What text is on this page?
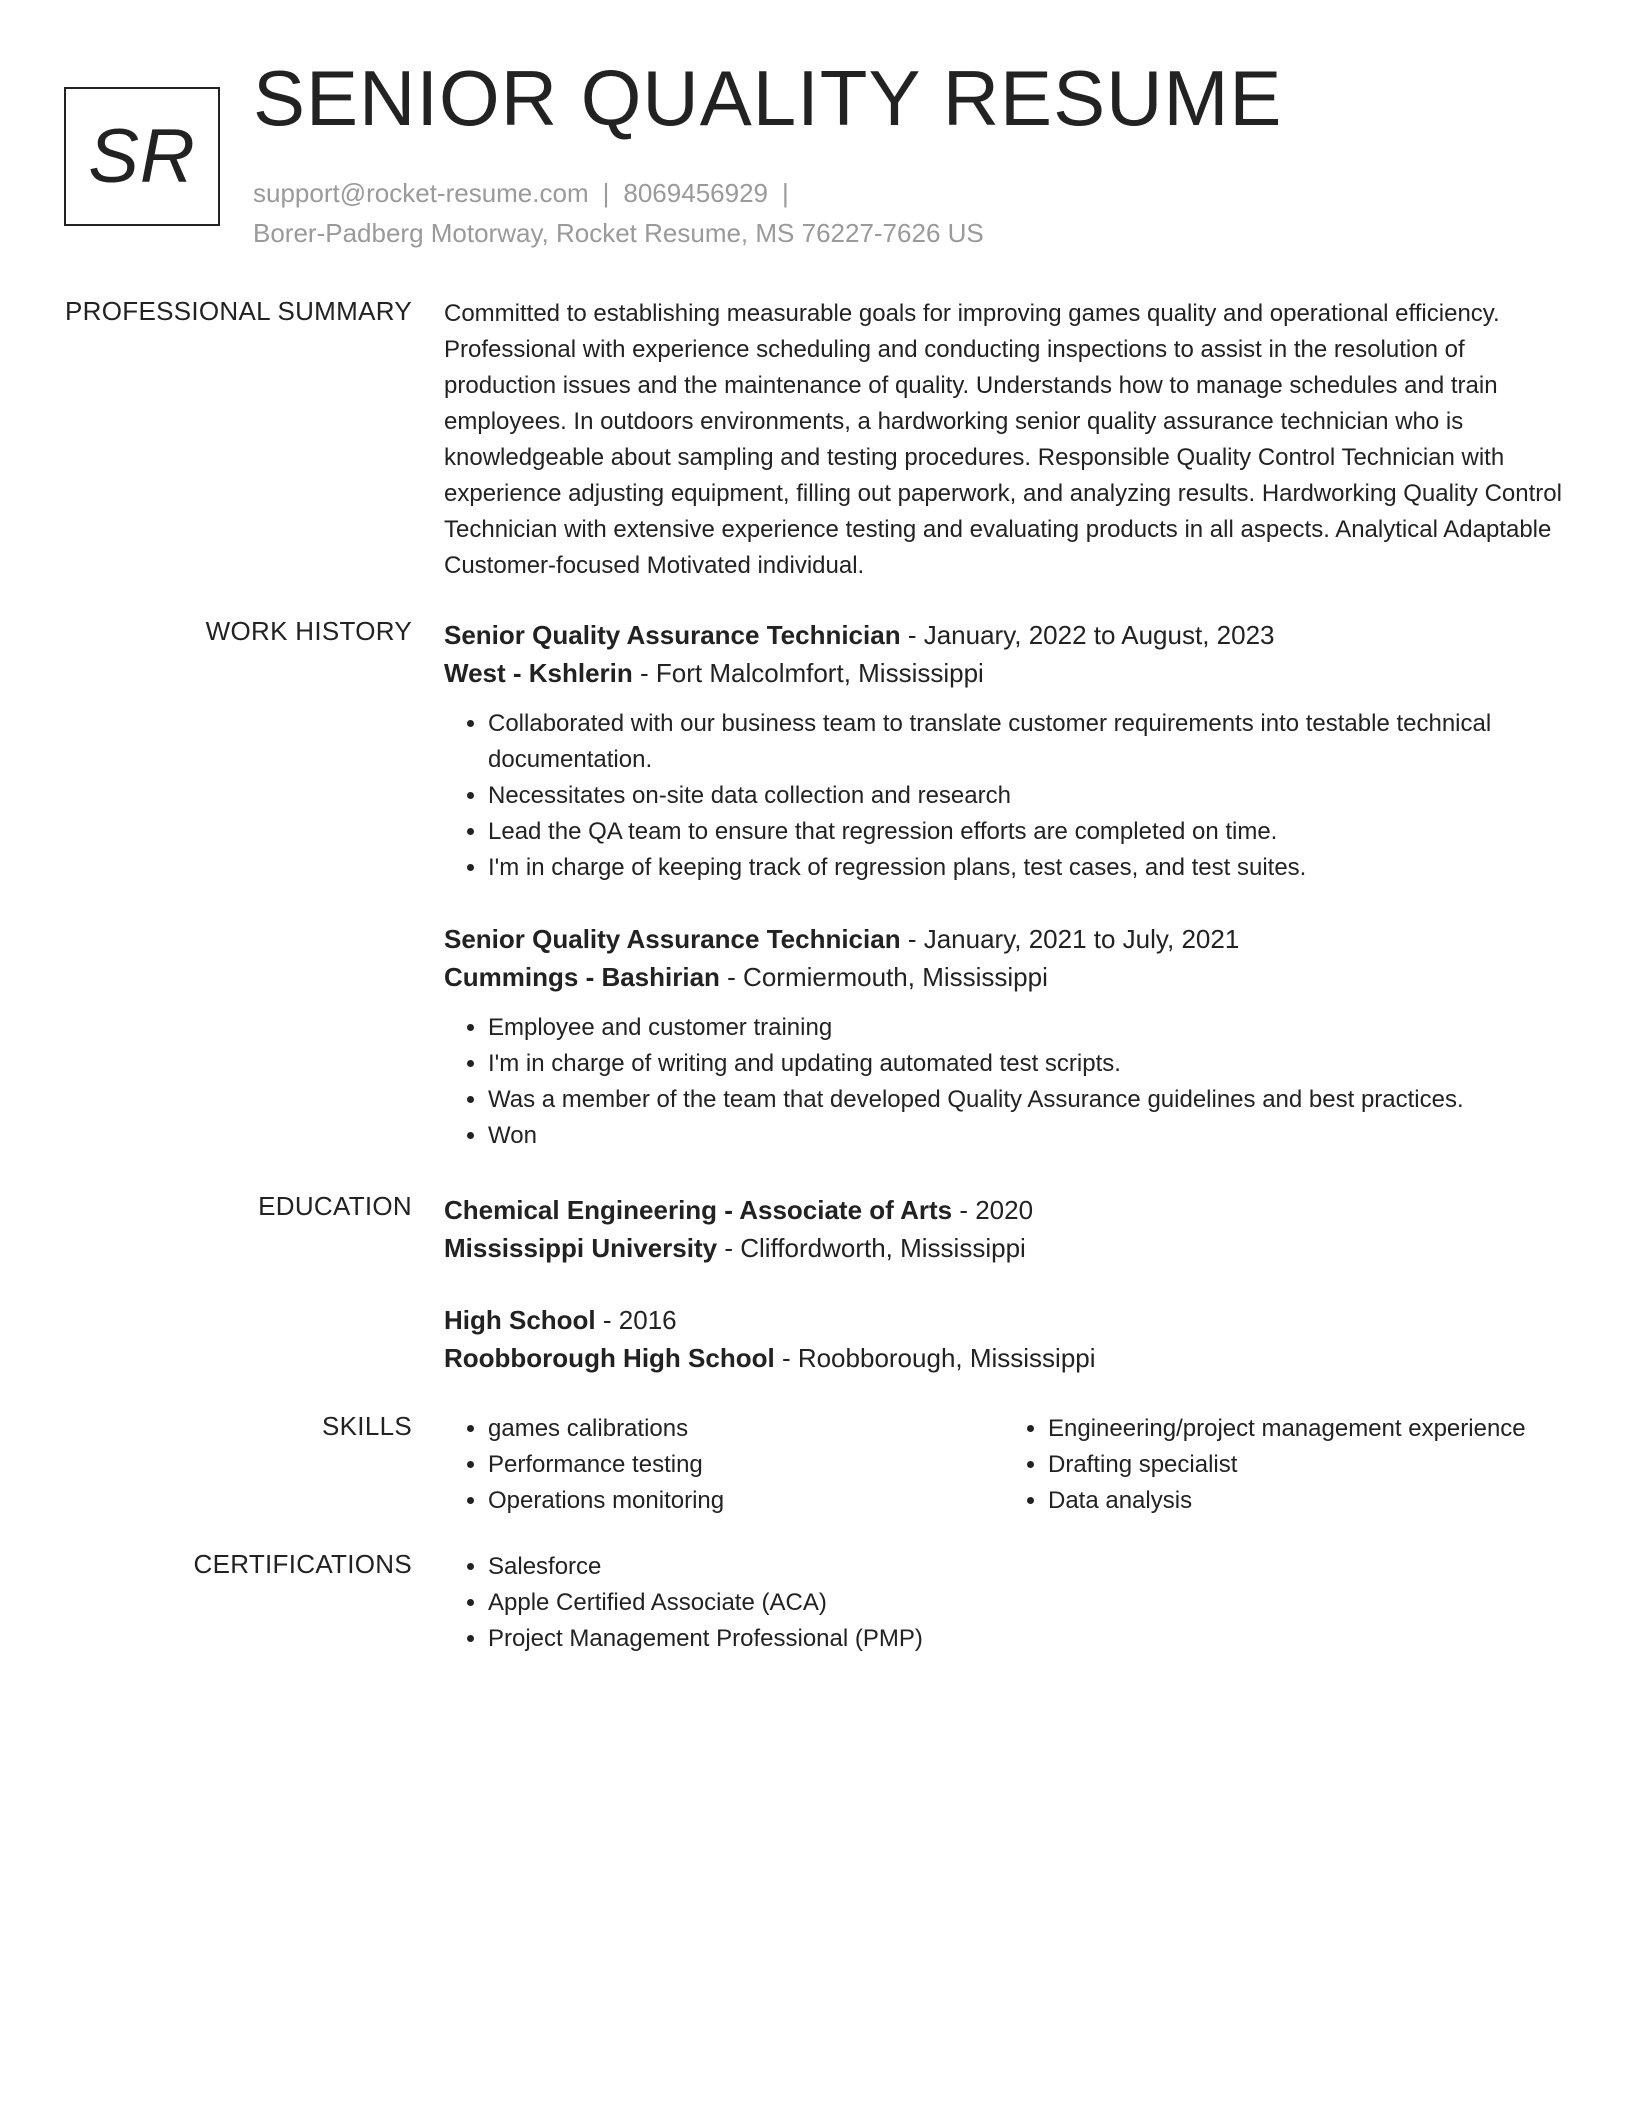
SR
SENIOR QUALITY RESUME
support@rocket-resume.com | 8069456929 |
Borer-Padberg Motorway, Rocket Resume, MS 76227-7626 US
PROFESSIONAL SUMMARY Committed to establishing measurable goals for improving games quality and operational efficiency. Professional with experience scheduling and conducting inspections to assist in the resolution of production issues and the maintenance of quality. Understands how to manage schedules and train employees. In outdoors environments, a hardworking senior quality assurance technician who is knowledgeable about sampling and testing procedures. Responsible Quality Control Technician with experience adjusting equipment, filling out paperwork, and analyzing results. Hardworking Quality Control Technician with extensive experience testing and evaluating products in all aspects. Analytical Adaptable Customer-focused Motivated individual.
WORK HISTORY Senior Quality Assurance Technician - January, 2022 to August, 2023
West - Kshlerin - Fort Malcolmfort, Mississippi
• Collaborated with our business team to translate customer requirements into testable technical documentation.
• Necessitates on-site data collection and research
• Lead the QA team to ensure that regression efforts are completed on time.
• I'm in charge of keeping track of regression plans, test cases, and test suites.
Senior Quality Assurance Technician - January, 2021 to July, 2021
Cummings - Bashirian - Cormiermouth, Mississippi
• Employee and customer training
• I'm in charge of writing and updating automated test scripts.
• Was a member of the team that developed Quality Assurance guidelines and best practices.
• Won
EDUCATION Chemical Engineering - Associate of Arts - 2020
Mississippi University - Cliffordworth, Mississippi
High School - 2016
Roobborough High School - Roobborough, Mississippi
SKILLS	• games calibrations
• Performance testing
• Operations monitoring
• Engineering/project management experience
• Drafting specialist
• Data analysis
CERTIFICATIONS	• Salesforce
• Apple Certified Associate (ACA)
• Project Management Professional (PMP)
